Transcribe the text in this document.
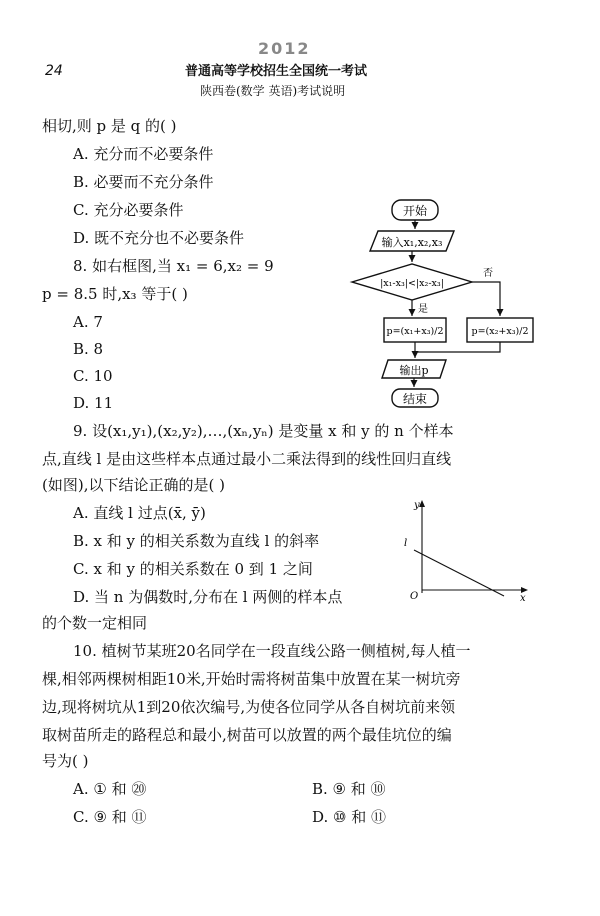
2012
24	普通高等学校招生全国统一考试
陕西卷(数学 英语)考试说明
相切,则 p 是 q 的( )
A. 充分而不必要条件
B. 必要而不充分条件
C. 充分必要条件
D. 既不充分也不必要条件
8. 如右框图,当 x₁ = 6,x₂ = 9
p = 8.5 时,x₃ 等于( )
A. 7
B. 8
C. 10
D. 11
开始
输入x₁,x₂,x₃
|x₁-x₃|<|x₂-x₃|
否
是
p=(x₁+x₃)/2	p=(x₂+x₃)/2
输出p
结束
9. 设(x₁,y₁),(x₂,y₂),…,(xₙ,yₙ) 是变量 x 和 y 的 n 个样本
点,直线 l 是由这些样本点通过最小二乘法得到的线性回归直线
(如图),以下结论正确的是( )
A. 直线 l 过点(x̄, ȳ)
B. x 和 y 的相关系数为直线 l 的斜率
C. x 和 y 的相关系数在 0 到 1 之间
D. 当 n 为偶数时,分布在 l 两侧的样本点
的个数一定相同
y
x
O
l
10. 植树节某班20名同学在一段直线公路一侧植树,每人植一
棵,相邻两棵树相距10米,开始时需将树苗集中放置在某一树坑旁
边,现将树坑从1到20依次编号,为使各位同学从各自树坑前来领
取树苗所走的路程总和最小,树苗可以放置的两个最佳坑位的编
号为( )
A. ① 和 ⑳	B. ⑨ 和 ⑩
C. ⑨ 和 ⑪	D. ⑩ 和 ⑪
